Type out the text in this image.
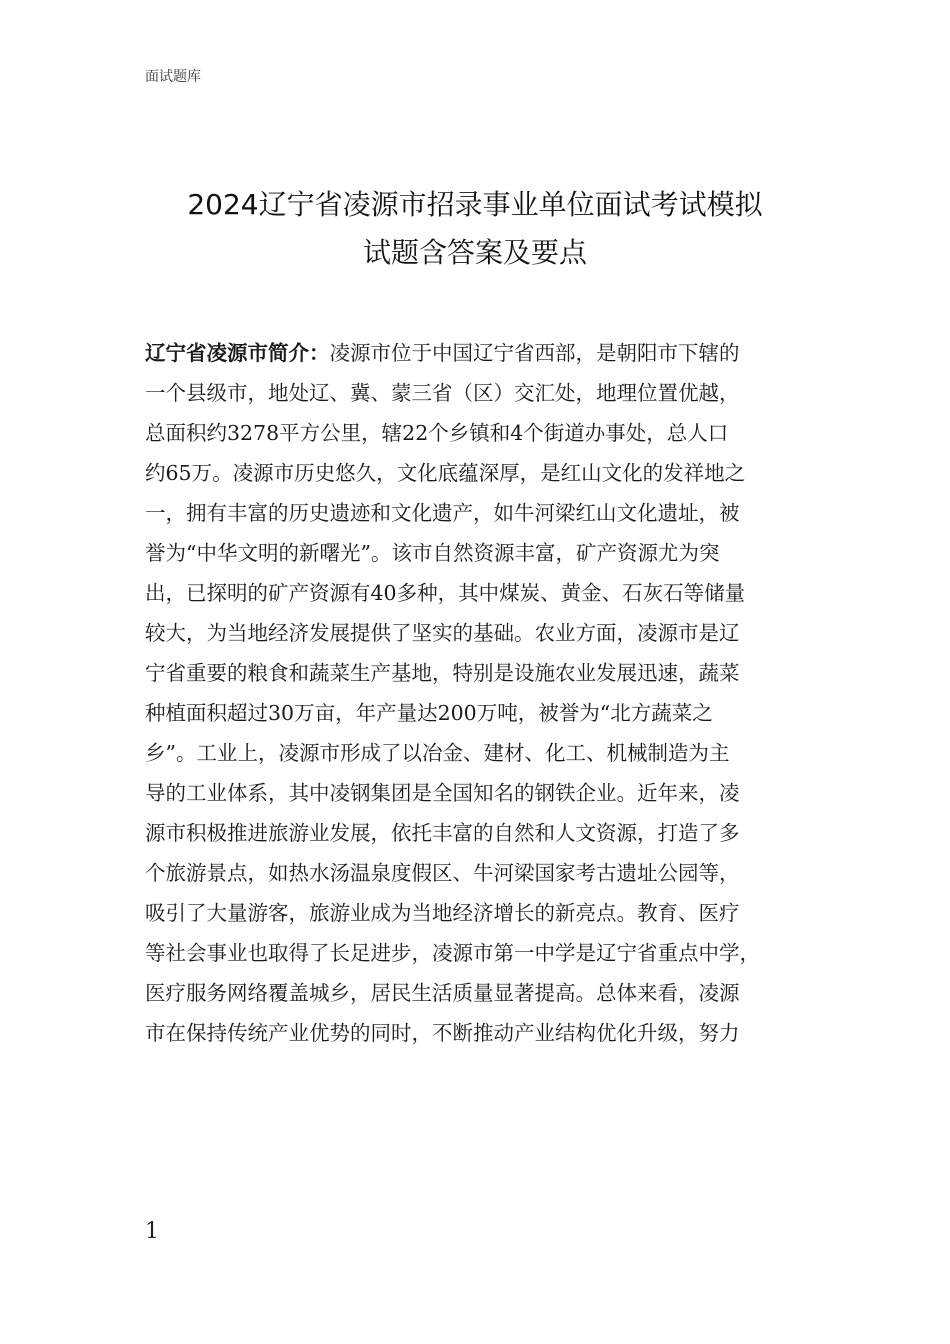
面试题库
2024辽宁省凌源市招录事业单位面试考试模拟
试题含答案及要点
辽宁省凌源市简介：凌源市位于中国辽宁省西部，是朝阳市下辖的
一个县级市，地处辽、冀、蒙三省（区）交汇处，地理位置优越，
总面积约3278平方公里，辖22个乡镇和4个街道办事处，总人口
约65万。凌源市历史悠久，文化底蕴深厚，是红山文化的发祥地之
一，拥有丰富的历史遗迹和文化遗产，如牛河梁红山文化遗址，被
誉为“中华文明的新曙光”。该市自然资源丰富，矿产资源尤为突
出，已探明的矿产资源有40多种，其中煤炭、黄金、石灰石等储量
较大，为当地经济发展提供了坚实的基础。农业方面，凌源市是辽
宁省重要的粮食和蔬菜生产基地，特别是设施农业发展迅速，蔬菜
种植面积超过30万亩，年产量达200万吨，被誉为“北方蔬菜之
乡”。工业上，凌源市形成了以冶金、建材、化工、机械制造为主
导的工业体系，其中凌钢集团是全国知名的钢铁企业。近年来，凌
源市积极推进旅游业发展，依托丰富的自然和人文资源，打造了多
个旅游景点，如热水汤温泉度假区、牛河梁国家考古遗址公园等，
吸引了大量游客，旅游业成为当地经济增长的新亮点。教育、医疗
等社会事业也取得了长足进步，凌源市第一中学是辽宁省重点中学，
医疗服务网络覆盖城乡，居民生活质量显著提高。总体来看，凌源
市在保持传统产业优势的同时，不断推动产业结构优化升级，努力
1
